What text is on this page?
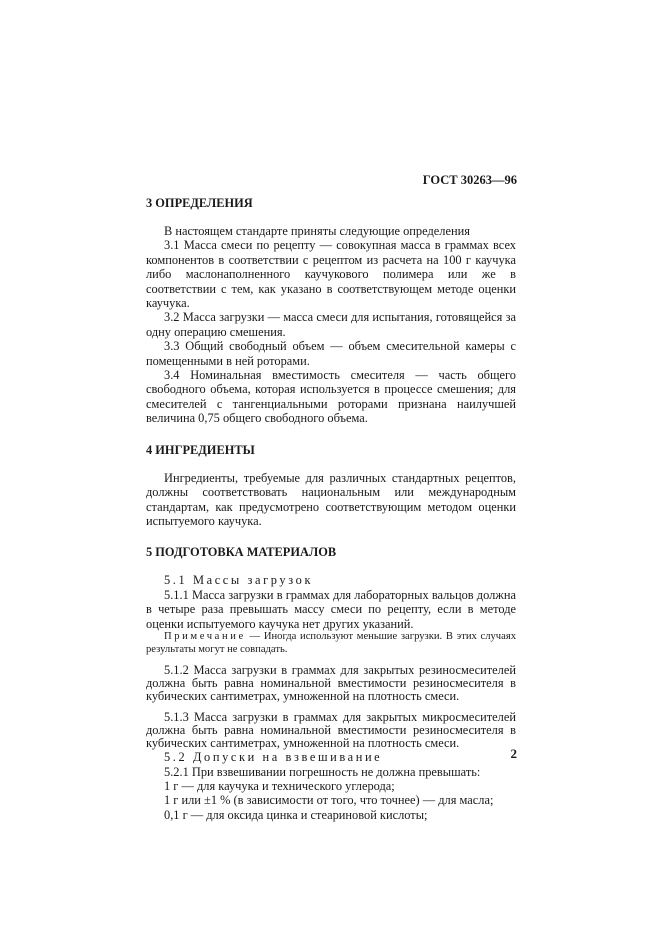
ГОСТ 30263—96
3 ОПРЕДЕЛЕНИЯ

В настоящем стандарте приняты следующие определения

3.1 Масса смеси по рецепту — совокупная масса в граммах всех компонентов в соответствии с рецептом из расчета на 100 г каучука либо маслонаполненного каучукового полимера или же в соответствии с тем, как указано в соответствующем методе оценки каучука.

3.2 Масса загрузки — масса смеси для испытания, готовящейся за одну операцию смешения.

3.3 Общий свободный объем — объем смесительной камеры с помещенными в ней роторами.

3.4 Номинальная вместимость смесителя — часть общего свободного объема, которая используется в процессе смешения; для смесителей с тангенциальными роторами признана наилучшей величина 0,75 общего свободного объема.

4 ИНГРЕДИЕНТЫ

Ингредиенты, требуемые для различных стандартных рецептов, должны соответствовать национальным или международным стандартам, как предусмотрено соответствующим методом оценки испытуемого каучука.

5 ПОДГОТОВКА МАТЕРИАЛОВ

5.1 Массы загрузок

5.1.1 Масса загрузки в граммах для лабораторных вальцов должна в четыре раза превышать массу смеси по рецепту, если в методе оценки испытуемого каучука нет других указаний.

Примечание — Иногда используют меньшие загрузки. В этих случаях результаты могут не совпадать.

5.1.2 Масса загрузки в граммах для закрытых резиносмесителей должна быть равна номинальной вместимости резиносмесителя в кубических сантиметрах, умноженной на плотность смеси.

5.1.3 Масса загрузки в граммах для закрытых микросмесителей должна быть равна номинальной вместимости резиносмесителя в кубических сантиметрах, умноженной на плотность смеси.

5.2 Допуски на взвешивание

5.2.1 При взвешивании погрешность не должна превышать:

1 г — для каучука и технического углерода;

1 г или ±1 % (в зависимости от того, что точнее) — для масла;

0,1 г — для оксида цинка и стеариновой кислоты;

2
